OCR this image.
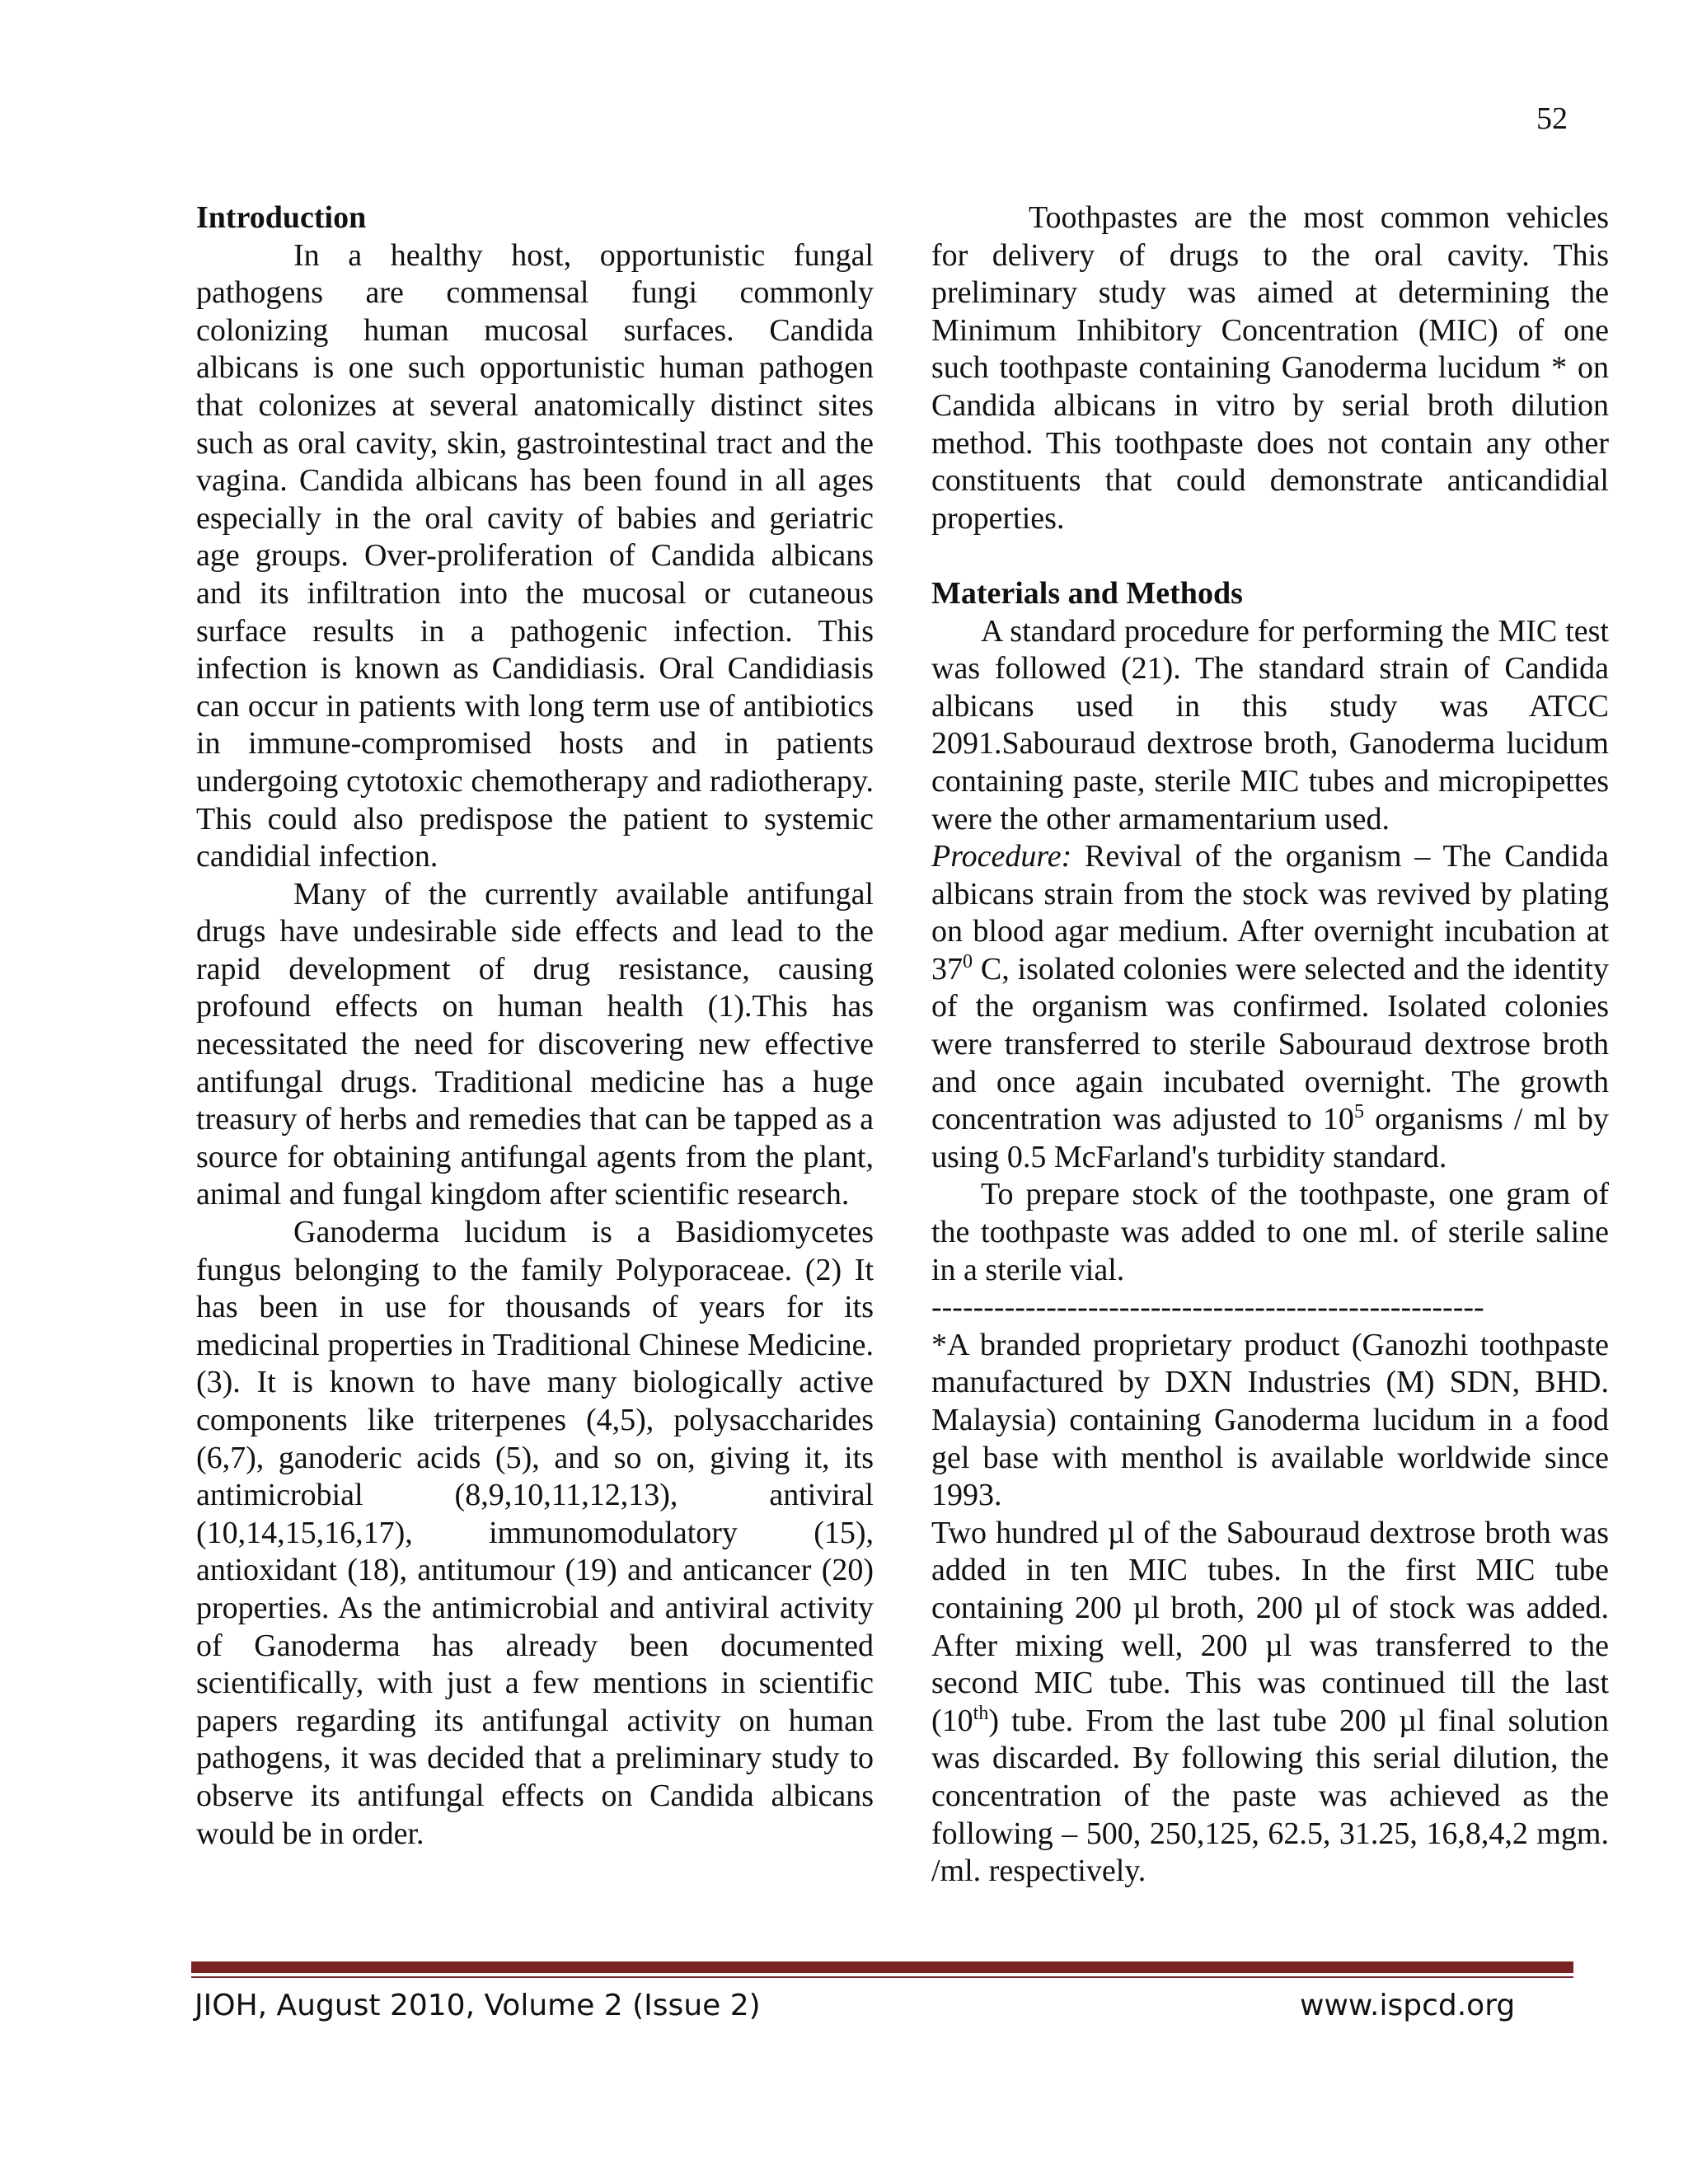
52

Introduction

In a healthy host, opportunistic fungal pathogens are commensal fungi commonly colonizing human mucosal surfaces. Candida albicans is one such opportunistic human pathogen that colonizes at several anatomically distinct sites such as oral cavity, skin, gastrointestinal tract and the vagina. Candida albicans has been found in all ages especially in the oral cavity of babies and geriatric age groups. Over-proliferation of Candida albicans and its infiltration into the mucosal or cutaneous surface results in a pathogenic infection. This infection is known as Candidiasis. Oral Candidiasis can occur in patients with long term use of antibiotics in immune-compromised hosts and in patients undergoing cytotoxic chemotherapy and radiotherapy. This could also predispose the patient to systemic candidial infection.

Many of the currently available antifungal drugs have undesirable side effects and lead to the rapid development of drug resistance, causing profound effects on human health (1).This has necessitated the need for discovering new effective antifungal drugs. Traditional medicine has a huge treasury of herbs and remedies that can be tapped as a source for obtaining antifungal agents from the plant, animal and fungal kingdom after scientific research.

Ganoderma lucidum is a Basidiomycetes fungus belonging to the family Polyporaceae. (2) It has been in use for thousands of years for its medicinal properties in Traditional Chinese Medicine. (3). It is known to have many biologically active components like triterpenes (4,5), polysaccharides (6,7), ganoderic acids (5), and so on, giving it, its antimicrobial (8,9,10,11,12,13), antiviral (10,14,15,16,17), immunomodulatory (15), antioxidant (18), antitumour (19) and anticancer (20) properties. As the antimicrobial and antiviral activity of Ganoderma has already been documented scientifically, with just a few mentions in scientific papers regarding its antifungal activity on human pathogens, it was decided that a preliminary study to observe its antifungal effects on Candida albicans would be in order.

Toothpastes are the most common vehicles for delivery of drugs to the oral cavity. This preliminary study was aimed at determining the Minimum Inhibitory Concentration (MIC) of one such toothpaste containing Ganoderma lucidum * on Candida albicans in vitro by serial broth dilution method. This toothpaste does not contain any other constituents that could demonstrate anticandidial properties.

Materials and Methods

A standard procedure for performing the MIC test was followed (21). The standard strain of Candida albicans used in this study was ATCC 2091.Sabouraud dextrose broth, Ganoderma lucidum containing paste, sterile MIC tubes and micropipettes were the other armamentarium used.

Procedure: Revival of the organism – The Candida albicans strain from the stock was revived by plating on blood agar medium. After overnight incubation at $37^0$ C, isolated colonies were selected and the identity of the organism was confirmed. Isolated colonies were transferred to sterile Sabouraud dextrose broth and once again incubated overnight. The growth concentration was adjusted to $10^5$ organisms / ml by using 0.5 McFarland's turbidity standard.

To prepare stock of the toothpaste, one gram of the toothpaste was added to one ml. of sterile saline in a sterile vial.

-----------------------------------------------------

*A branded proprietary product (Ganozhi toothpaste manufactured by DXN Industries (M) SDN, BHD. Malaysia) containing Ganoderma lucidum in a food gel base with menthol is available worldwide since 1993.

Two hundred µl of the Sabouraud dextrose broth was added in ten MIC tubes. In the first MIC tube containing 200 µl broth, 200 µl of stock was added. After mixing well, 200 µl was transferred to the second MIC tube. This was continued till the last (10th) tube. From the last tube 200 µl final solution was discarded. By following this serial dilution, the concentration of the paste was achieved as the following – 500, 250,125, 62.5, 31.25, 16,8,4,2 mgm. /ml. respectively.

JIOH, August 2010, Volume 2 (Issue 2)	www.ispcd.org
